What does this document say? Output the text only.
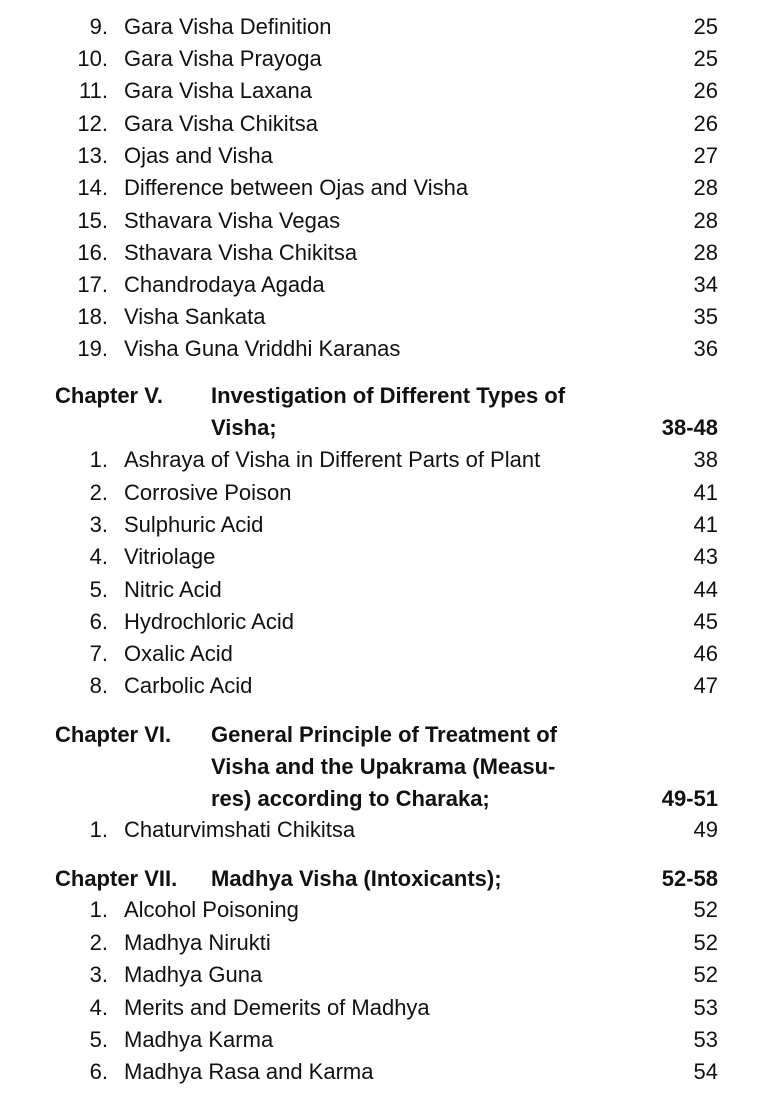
9. Gara Visha Definition	25
10. Gara Visha Prayoga	25
11. Gara Visha Laxana	26
12. Gara Visha Chikitsa	26
13. Ojas and Visha	27
14. Difference between Ojas and Visha	28
15. Sthavara Visha Vegas	28
16. Sthavara Visha Chikitsa	28
17. Chandrodaya Agada	34
18. Visha Sankata	35
19. Visha Guna Vriddhi Karanas	36
Chapter V. Investigation of Different Types of
Visha;	38-48
1. Ashraya of Visha in Different Parts of Plant	38
2. Corrosive Poison	41
3. Sulphuric Acid	41
4. Vitriolage	43
5. Nitric Acid	44
6. Hydrochloric Acid	45
7. Oxalic Acid	46
8. Carbolic Acid	47
Chapter VI. General Principle of Treatment of
Visha and the Upakrama (Measu-
res) according to Charaka;	49-51
1. Chaturvimshati Chikitsa	49
Chapter VII. Madhya Visha (Intoxicants);	52-58
1. Alcohol Poisoning	52
2. Madhya Nirukti	52
3. Madhya Guna	52
4. Merits and Demerits of Madhya	53
5. Madhya Karma	53
6. Madhya Rasa and Karma	54
